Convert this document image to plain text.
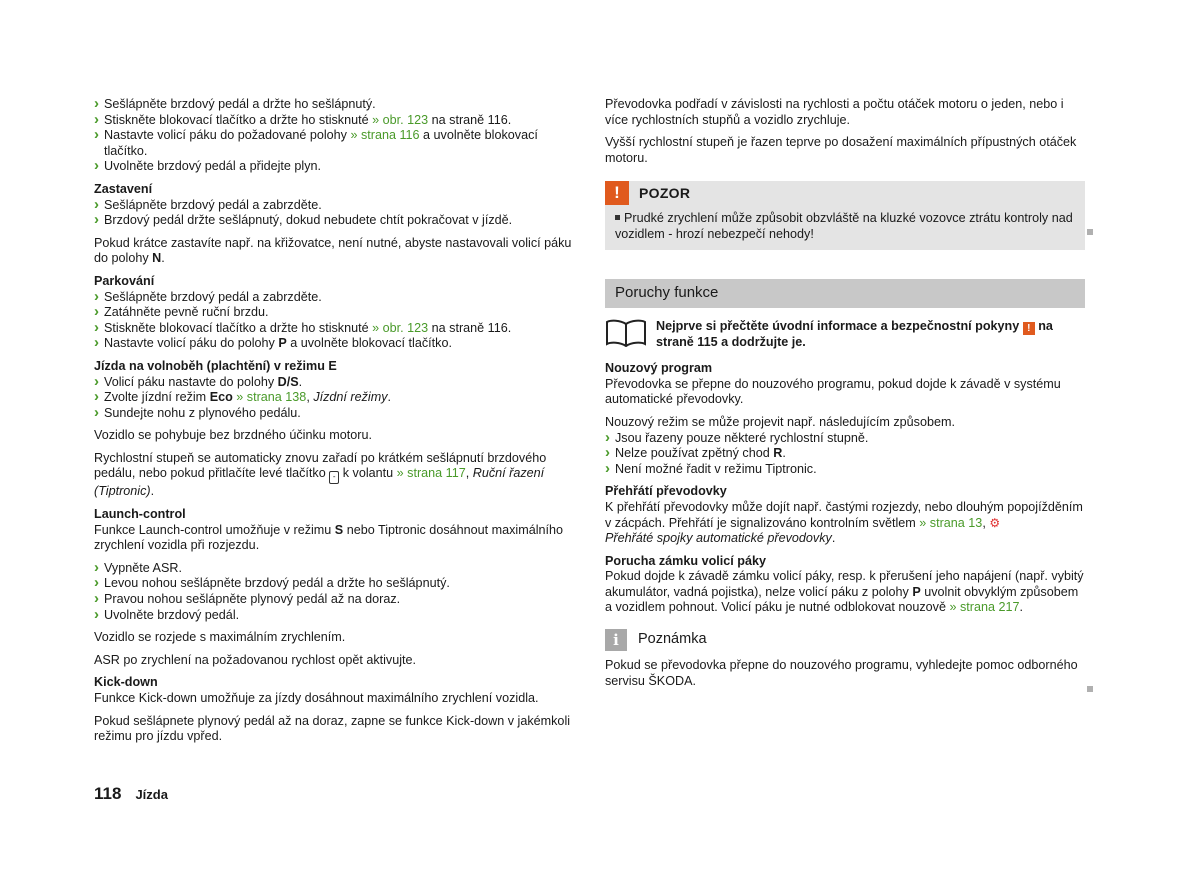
› Sešlápněte brzdový pedál a držte ho sešlápnutý.
› Stiskněte blokovací tlačítko a držte ho stisknuté » obr. 123 na straně 116.
› Nastavte volicí páku do požadované polohy » strana 116 a uvolněte blokovací tlačítko.
› Uvolněte brzdový pedál a přidejte plyn.
Zastavení
› Sešlápněte brzdový pedál a zabrzděte.
› Brzdový pedál držte sešlápnutý, dokud nebudete chtít pokračovat v jízdě.

Pokud krátce zastavíte např. na křižovatce, není nutné, abyste nastavovali volicí páku do polohy N.

Parkování
› Sešlápněte brzdový pedál a zabrzděte.
› Zatáhněte pevně ruční brzdu.
› Stiskněte blokovací tlačítko a držte ho stisknuté » obr. 123 na straně 116.
› Nastavte volicí páku do polohy P a uvolněte blokovací tlačítko.
Jízda na volnoběh (plachtění) v režimu E
› Volicí páku nastavte do polohy D/S.
› Zvolte jízdní režim Eco » strana 138, Jízdní režimy.
› Sundejte nohu z plynového pedálu.

Vozidlo se pohybuje bez brzdného účinku motoru.

Rychlostní stupeň se automaticky znovu zařadí po krátkém sešlápnutí brzdového pedálu, nebo pokud přitlačíte levé tlačítko - k volantu » strana 117, Ruční řazení (Tiptronic).

Launch-control
Funkce Launch-control umožňuje v režimu S nebo Tiptronic dosáhnout maximálního zrychlení vozidla při rozjezdu.
› Vypněte ASR.
› Levou nohou sešlápněte brzdový pedál a držte ho sešlápnutý.
› Pravou nohou sešlápněte plynový pedál až na doraz.
› Uvolněte brzdový pedál.

Vozidlo se rozjede s maximálním zrychlením.

ASR po zrychlení na požadovanou rychlost opět aktivujte.

Kick-down
Funkce Kick-down umožňuje za jízdy dosáhnout maximálního zrychlení vozidla.

Pokud sešlápnete plynový pedál až na doraz, zapne se funkce Kick-down v jakémkoli režimu pro jízdu vpřed.

Převodovka podřadí v závislosti na rychlosti a počtu otáček motoru o jeden, nebo i více rychlostních stupňů a vozidlo zrychluje.

Vyšší rychlostní stupeň je řazen teprve po dosažení maximálních přípustných otáček motoru.

!	POZOR
Prudké zrychlení může způsobit obzvláště na kluzké vozovce ztrátu kontroly nad vozidlem - hrozí nebezpečí nehody!
Poruchy funkce
Nejprve si přečtěte úvodní informace a bezpečnostní pokyny ! na straně 115 a dodržujte je.
Nouzový program
Převodovka se přepne do nouzového programu, pokud dojde k závadě v systému automatické převodovky.
Nouzový režim se může projevit např. následujícím způsobem.
› Jsou řazeny pouze některé rychlostní stupně.
› Nelze používat zpětný chod R.
› Není možné řadit v režimu Tiptronic.
Přehřátí převodovky
K přehřátí převodovky může dojít např. častými rozjezdy, nebo dlouhým popojížděním v zácpách. Přehřátí je signalizováno kontrolním světlem » strana 13, ⚙
Přehřáté spojky automatické převodovky.
Porucha zámku volicí páky
Pokud dojde k závadě zámku volicí páky, resp. k přerušení jeho napájení (např. vybitý akumulátor, vadná pojistka), nelze volicí páku z polohy P uvolnit obvyklým způsobem a vozidlem pohnout. Volicí páku je nutné odblokovat nouzově » strana 217.
i	Poznámka
Pokud se převodovka přepne do nouzového programu, vyhledejte pomoc odborného servisu ŠKODA.
118 Jízda
